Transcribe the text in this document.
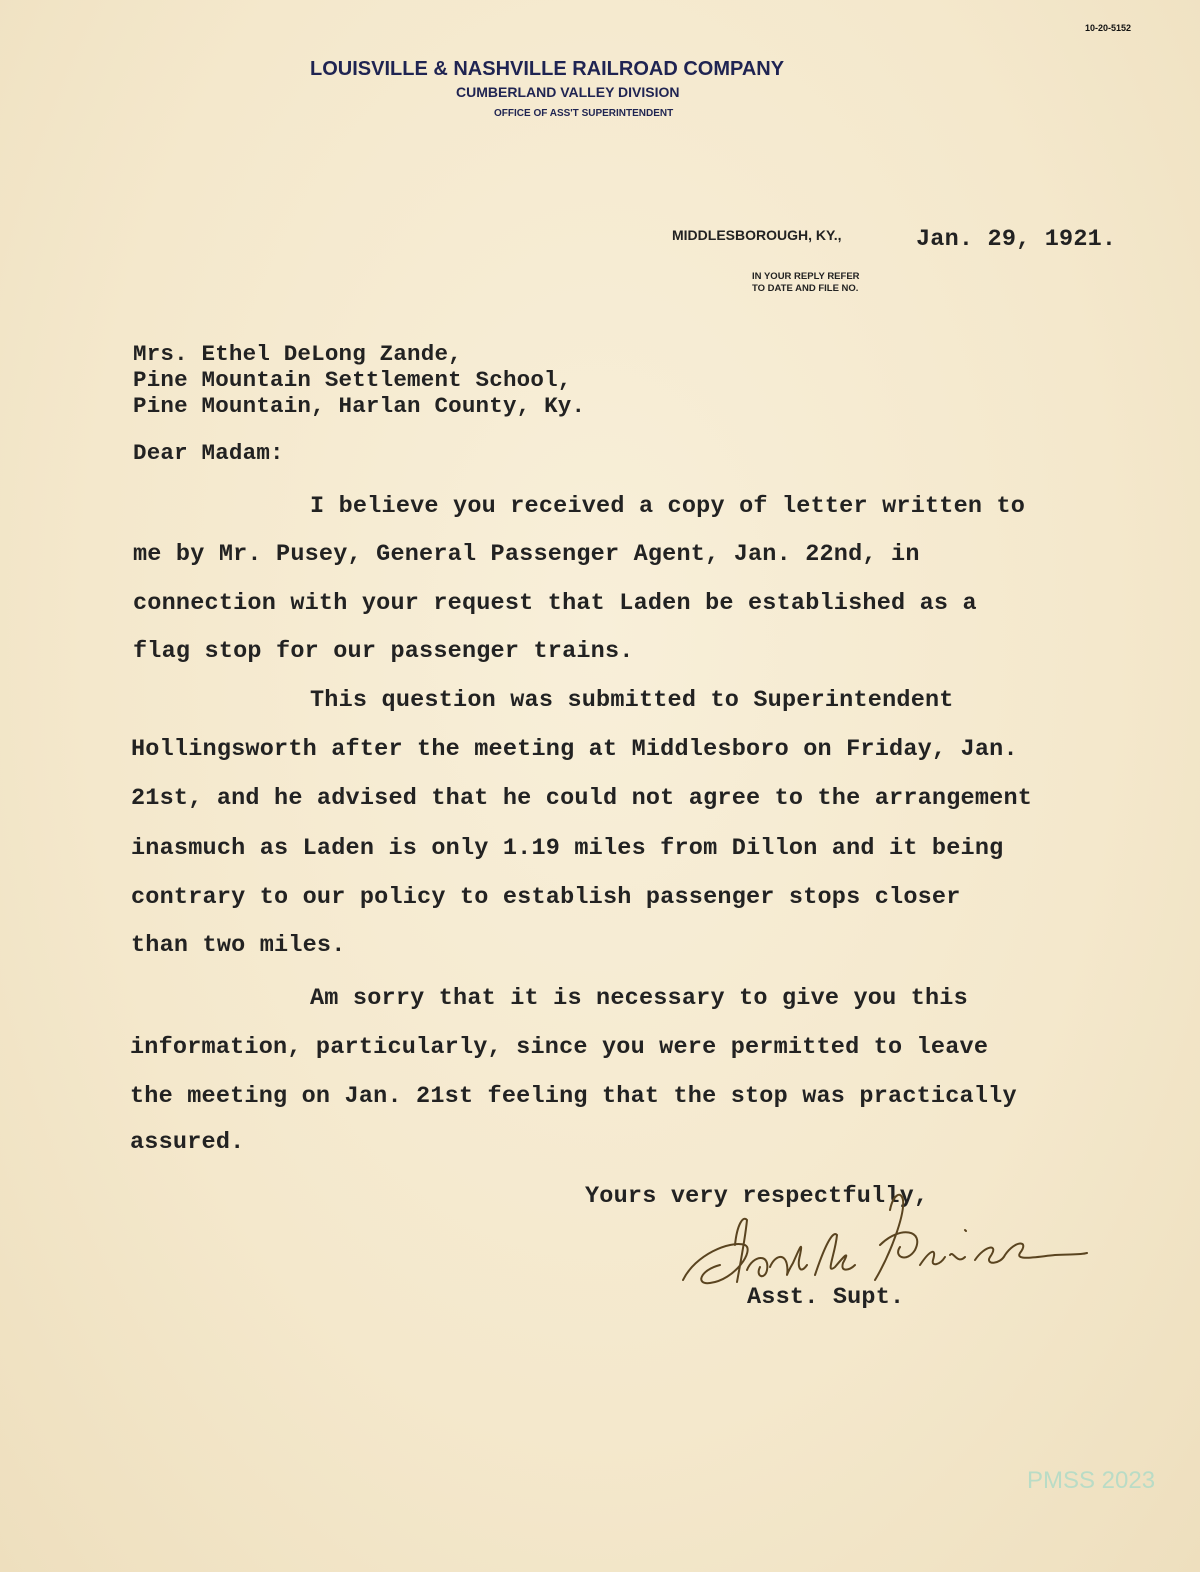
10-20-5152
LOUISVILLE & NASHVILLE RAILROAD COMPANY
CUMBERLAND VALLEY DIVISION
OFFICE OF ASS'T SUPERINTENDENT
MIDDLESBOROUGH, KY.,	Jan. 29, 1921.
IN YOUR REPLY REFER
TO DATE AND FILE NO.
Mrs. Ethel DeLong Zande,
Pine Mountain Settlement School,
Pine Mountain, Harlan County, Ky.
Dear Madam:
I believe you received a copy of letter written to
me by Mr. Pusey, General Passenger Agent, Jan. 22nd, in
connection with your request that Laden be established as a
flag stop for our passenger trains.
This question was submitted to Superintendent
Hollingsworth after the meeting at Middlesboro on Friday, Jan.
21st, and he advised that he could not agree to the arrangement
inasmuch as Laden is only 1.19 miles from Dillon and it being
contrary to our policy to establish passenger stops closer
than two miles.
Am sorry that it is necessary to give you this
information, particularly, since you were permitted to leave
the meeting on Jan. 21st feeling that the stop was practically
assured.
Yours very respectfully,
Asst. Supt.
PMSS 2023
